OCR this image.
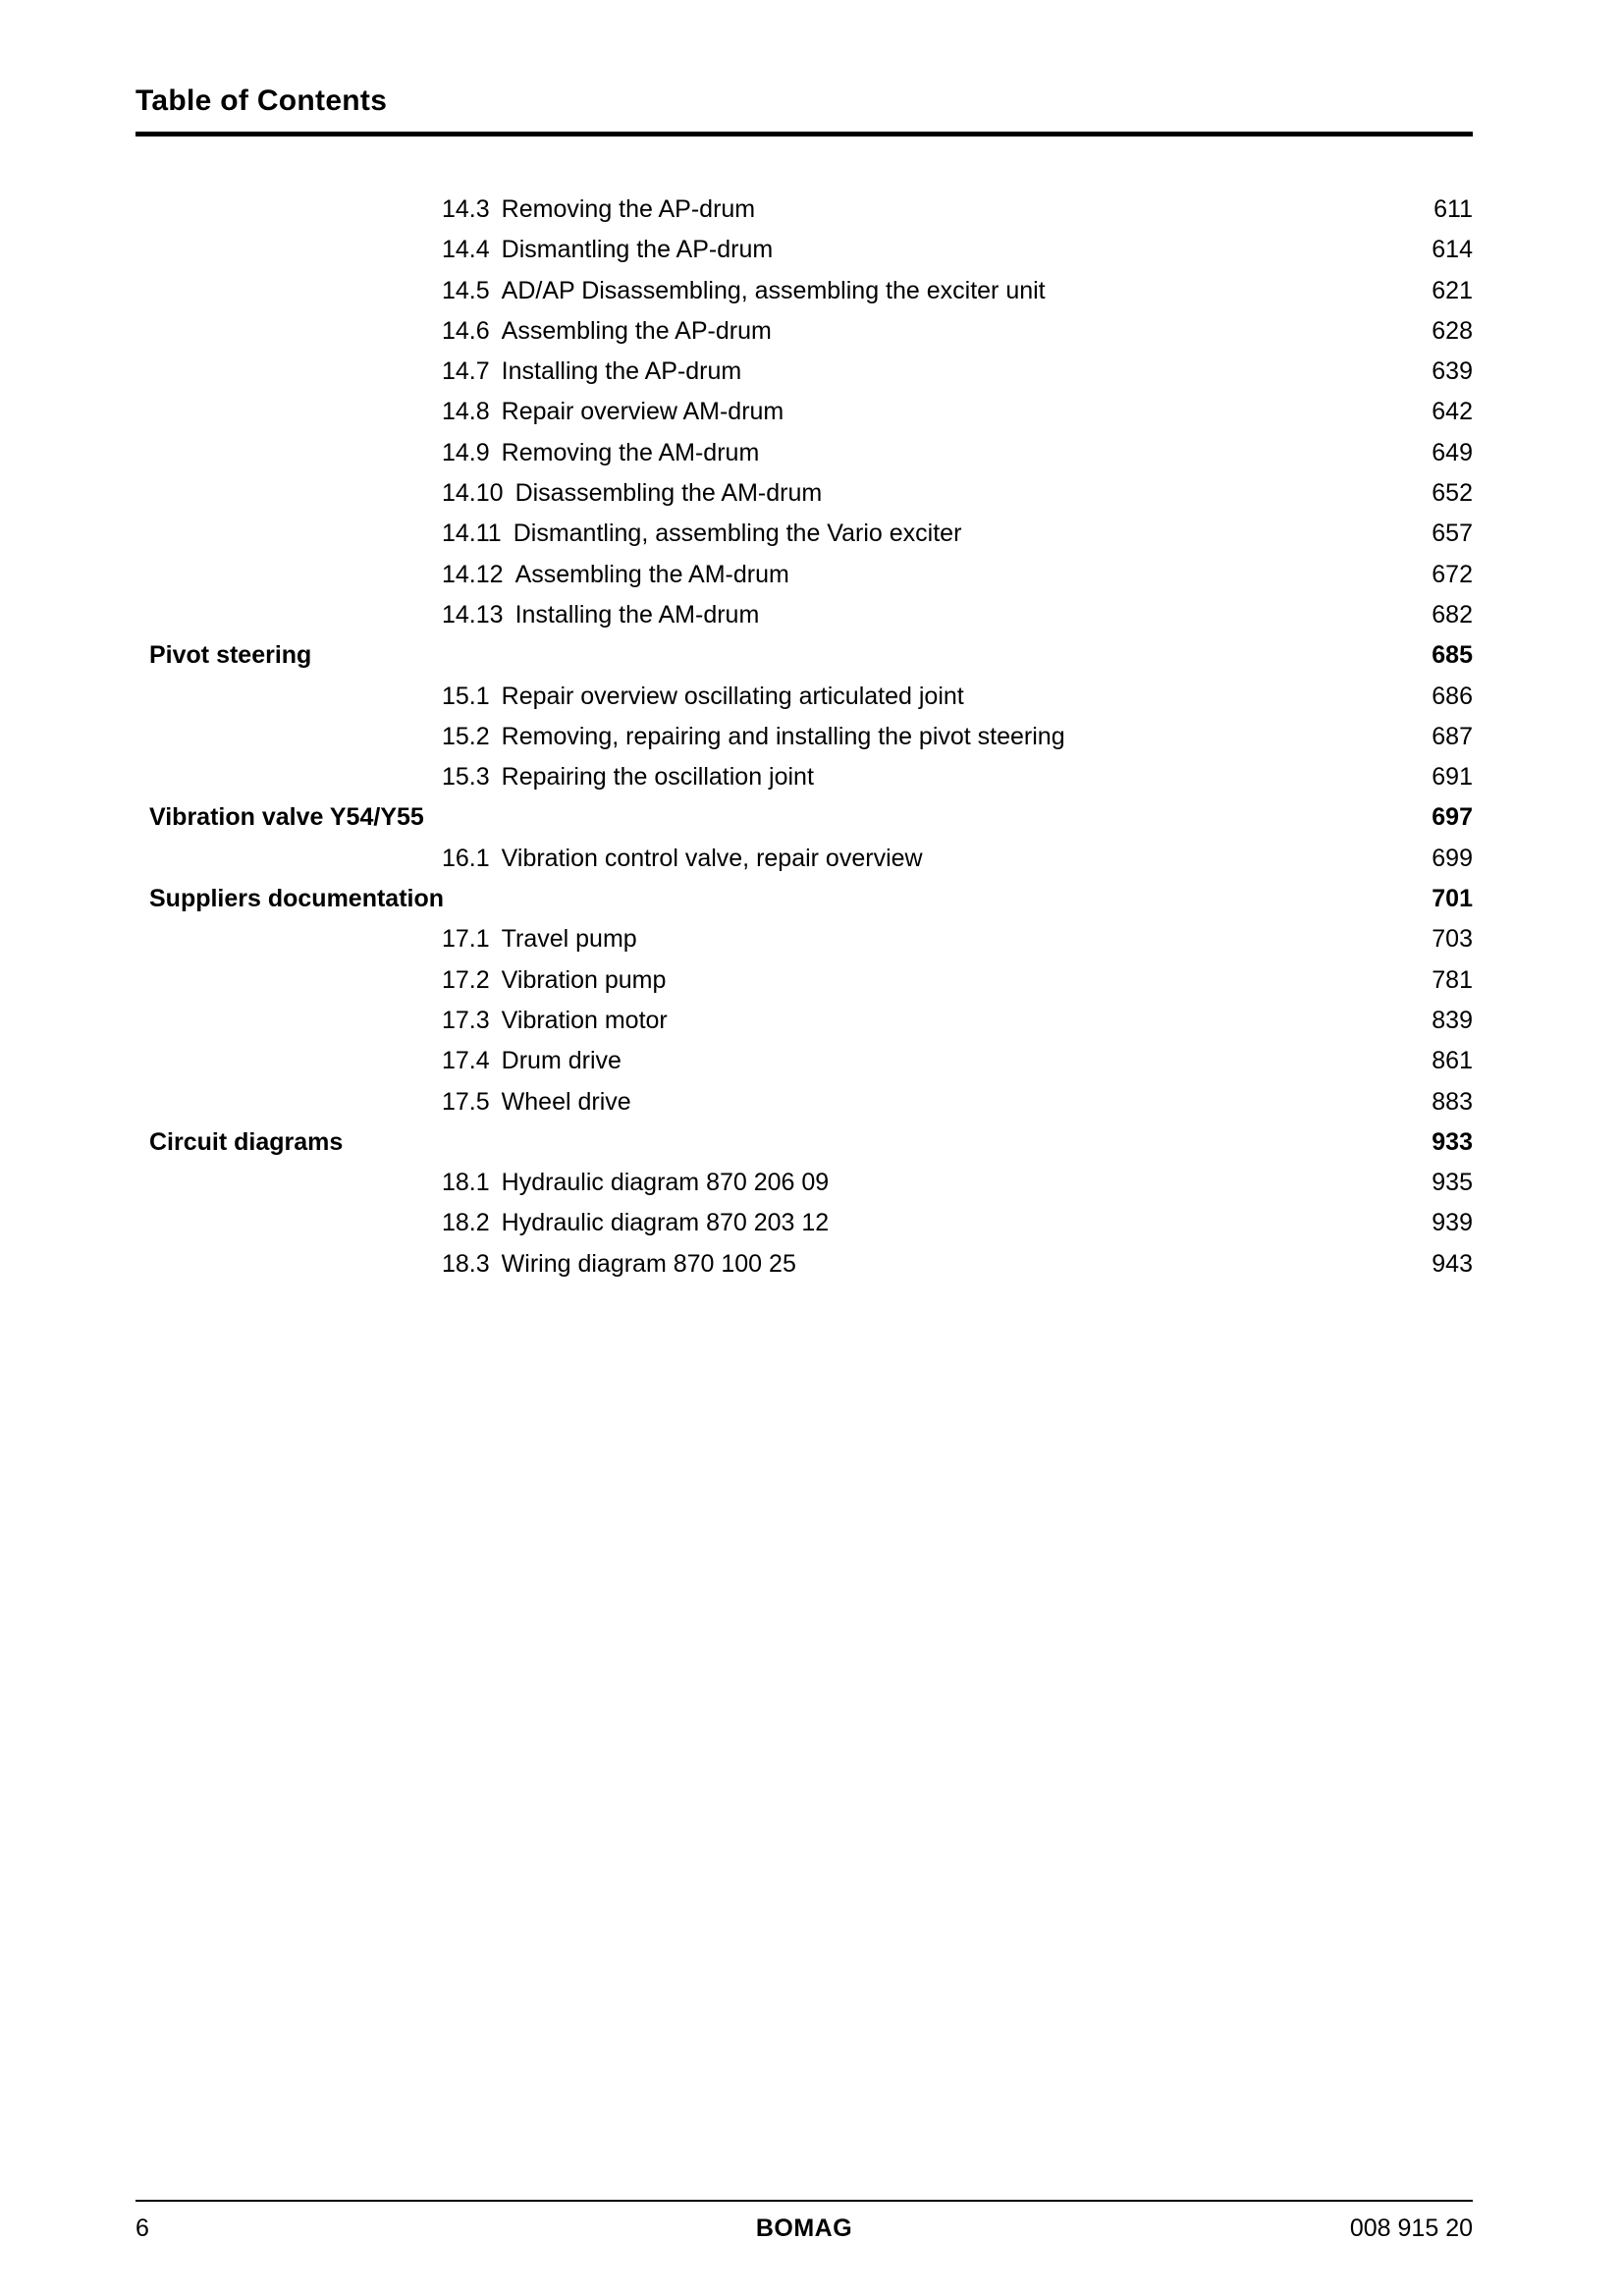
Table of Contents
14.3 Removing the AP-drum	611
14.4 Dismantling the AP-drum	614
14.5 AD/AP Disassembling, assembling the exciter unit	621
14.6 Assembling the AP-drum	628
14.7 Installing the AP-drum	639
14.8 Repair overview AM-drum	642
14.9 Removing the AM-drum	649
14.10 Disassembling the AM-drum	652
14.11 Dismantling, assembling the Vario exciter	657
14.12 Assembling the AM-drum	672
14.13 Installing the AM-drum	682
Pivot steering	685
15.1 Repair overview oscillating articulated joint	686
15.2 Removing, repairing and installing the pivot steering	687
15.3 Repairing the oscillation joint	691
Vibration valve Y54/Y55	697
16.1 Vibration control valve, repair overview	699
Suppliers documentation	701
17.1 Travel pump	703
17.2 Vibration pump	781
17.3 Vibration motor	839
17.4 Drum drive	861
17.5 Wheel drive	883
Circuit diagrams	933
18.1 Hydraulic diagram 870 206 09	935
18.2 Hydraulic diagram 870 203 12	939
18.3 Wiring diagram 870 100 25	943
6	BOMAG	008 915 20
